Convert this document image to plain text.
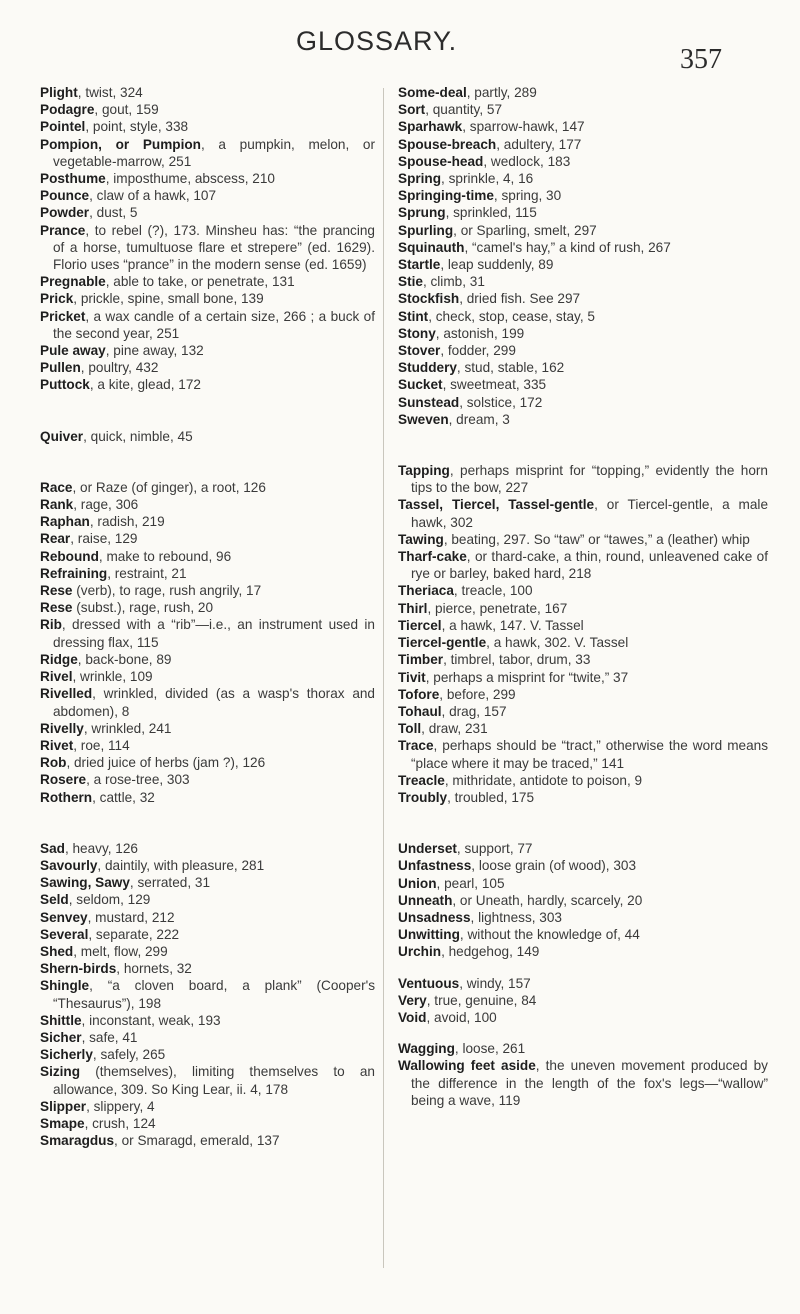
GLOSSARY.
357

Plight, twist, 324

Podagre, gout, 159

Pointel, point, style, 338

Pompion, or Pumpion, a pumpkin, melon, or vegetable-marrow, 251

Posthume, imposthume, abscess, 210

Pounce, claw of a hawk, 107

Powder, dust, 5

Prance, to rebel (?), 173. Minsheu has: “the prancing of a horse, tumultuose flare et strepere” (ed. 1629). Florio uses “prance” in the modern sense (ed. 1659)

Pregnable, able to take, or penetrate, 131

Prick, prickle, spine, small bone, 139

Pricket, a wax candle of a certain size, 266 ; a buck of the second year, 251

Pule away, pine away, 132

Pullen, poultry, 432

Puttock, a kite, glead, 172

Quiver, quick, nimble, 45

Race, or Raze (of ginger), a root, 126

Rank, rage, 306

Raphan, radish, 219

Rear, raise, 129

Rebound, make to rebound, 96

Refraining, restraint, 21

Rese (verb), to rage, rush angrily, 17

Rese (subst.), rage, rush, 20

Rib, dressed with a “rib”—i.e., an instrument used in dressing flax, 115

Ridge, back-bone, 89

Rivel, wrinkle, 109

Rivelled, wrinkled, divided (as a wasp's thorax and abdomen), 8

Rivelly, wrinkled, 241

Rivet, roe, 114

Rob, dried juice of herbs (jam ?), 126

Rosere, a rose-tree, 303

Rothern, cattle, 32

Sad, heavy, 126

Savourly, daintily, with pleasure, 281

Sawing, Sawy, serrated, 31

Seld, seldom, 129

Senvey, mustard, 212

Several, separate, 222

Shed, melt, flow, 299

Shern-birds, hornets, 32

Shingle, “a cloven board, a plank” (Cooper's “Thesaurus”), 198

Shittle, inconstant, weak, 193

Sicher, safe, 41

Sicherly, safely, 265

Sizing (themselves), limiting themselves to an allowance, 309. So King Lear, ii. 4, 178

Slipper, slippery, 4

Smape, crush, 124

Smaragdus, or Smaragd, emerald, 137

Some-deal, partly, 289

Sort, quantity, 57

Sparhawk, sparrow-hawk, 147

Spouse-breach, adultery, 177

Spouse-head, wedlock, 183

Spring, sprinkle, 4, 16

Springing-time, spring, 30

Sprung, sprinkled, 115

Spurling, or Sparling, smelt, 297

Squinauth, “camel's hay,” a kind of rush, 267

Startle, leap suddenly, 89

Stie, climb, 31

Stockfish, dried fish. See 297

Stint, check, stop, cease, stay, 5

Stony, astonish, 199

Stover, fodder, 299

Studdery, stud, stable, 162

Sucket, sweetmeat, 335

Sunstead, solstice, 172

Sweven, dream, 3

Tapping, perhaps misprint for “topping,” evidently the horn tips to the bow, 227

Tassel, Tiercel, Tassel-gentle, or Tiercel-gentle, a male hawk, 302

Tawing, beating, 297. So “taw” or “tawes,” a (leather) whip

Tharf-cake, or thard-cake, a thin, round, unleavened cake of rye or barley, baked hard, 218

Theriaca, treacle, 100

Thirl, pierce, penetrate, 167

Tiercel, a hawk, 147. V. Tassel

Tiercel-gentle, a hawk, 302. V. Tassel

Timber, timbrel, tabor, drum, 33

Tivit, perhaps a misprint for “twite,” 37

Tofore, before, 299

Tohaul, drag, 157

Toll, draw, 231

Trace, perhaps should be “tract,” otherwise the word means “place where it may be traced,” 141

Treacle, mithridate, antidote to poison, 9

Troubly, troubled, 175

Underset, support, 77

Unfastness, loose grain (of wood), 303

Union, pearl, 105

Unneath, or Uneath, hardly, scarcely, 20

Unsadness, lightness, 303

Unwitting, without the knowledge of, 44

Urchin, hedgehog, 149

Ventuous, windy, 157

Very, true, genuine, 84

Void, avoid, 100

Wagging, loose, 261

Wallowing feet aside, the uneven movement produced by the difference in the length of the fox's legs—“wallow” being a wave, 119
